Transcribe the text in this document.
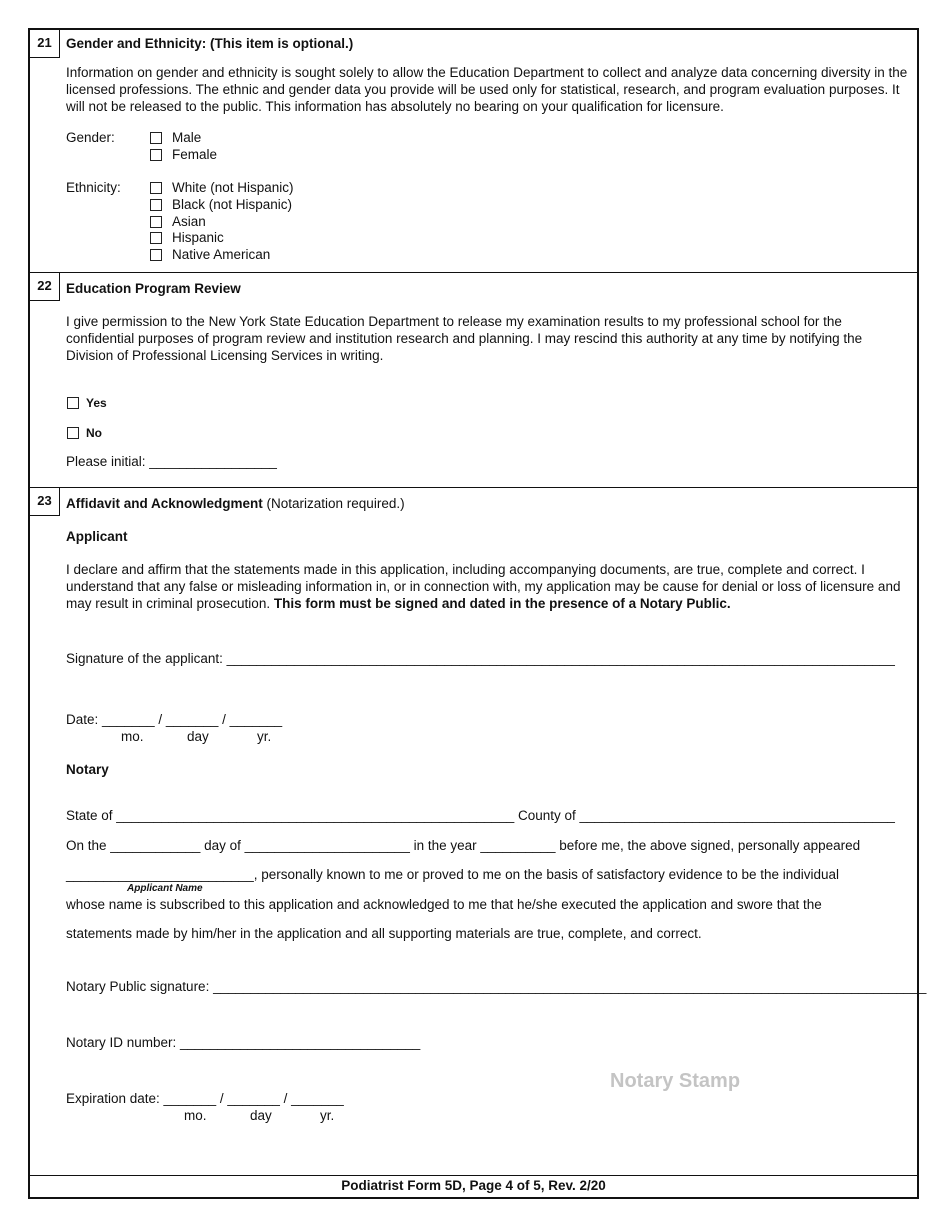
21	Gender and Ethnicity: (This item is optional.)
Information on gender and ethnicity is sought solely to allow the Education Department to collect and analyze data concerning diversity in the licensed professions. The ethnic and gender data you provide will be used only for statistical, research, and program evaluation purposes. It will not be released to the public. This information has absolutely no bearing on your qualification for licensure.
Gender:	Male
Female
Ethnicity:	White (not Hispanic)
Black (not Hispanic)
Asian
Hispanic
Native American
22	Education Program Review
I give permission to the New York State Education Department to release my examination results to my professional school for the confidential purposes of program review and institution research and planning. I may rescind this authority at any time by notifying the Division of Professional Licensing Services in writing.
Yes
No
Please initial: _________________
23	Affidavit and Acknowledgment (Notarization required.)
Applicant
I declare and affirm that the statements made in this application, including accompanying documents, are true, complete and correct. I understand that any false or misleading information in, or in connection with, my application may be cause for denial or loss of licensure and may result in criminal prosecution. This form must be signed and dated in the presence of a Notary Public.
Signature of the applicant: _________________________________________________________________________________________
Date: _______ / _______ / _______
mo.	day	yr.
Notary
State of _____________________________________________________ County of __________________________________________
On the ____________ day of ______________________ in the year __________ before me, the above signed, personally appeared
_________________________, personally known to me or proved to me on the basis of satisfactory evidence to be the individual
Applicant Name
whose name is subscribed to this application and acknowledged to me that he/she executed the application and swore that the
statements made by him/her in the application and all supporting materials are true, complete, and correct.
Notary Public signature: _______________________________________________________________________________________________
Notary ID number: ________________________________
Notary Stamp
Expiration date: _______ / _______ / _______
mo.	day	yr.
Podiatrist Form 5D, Page 4 of 5, Rev. 2/20
